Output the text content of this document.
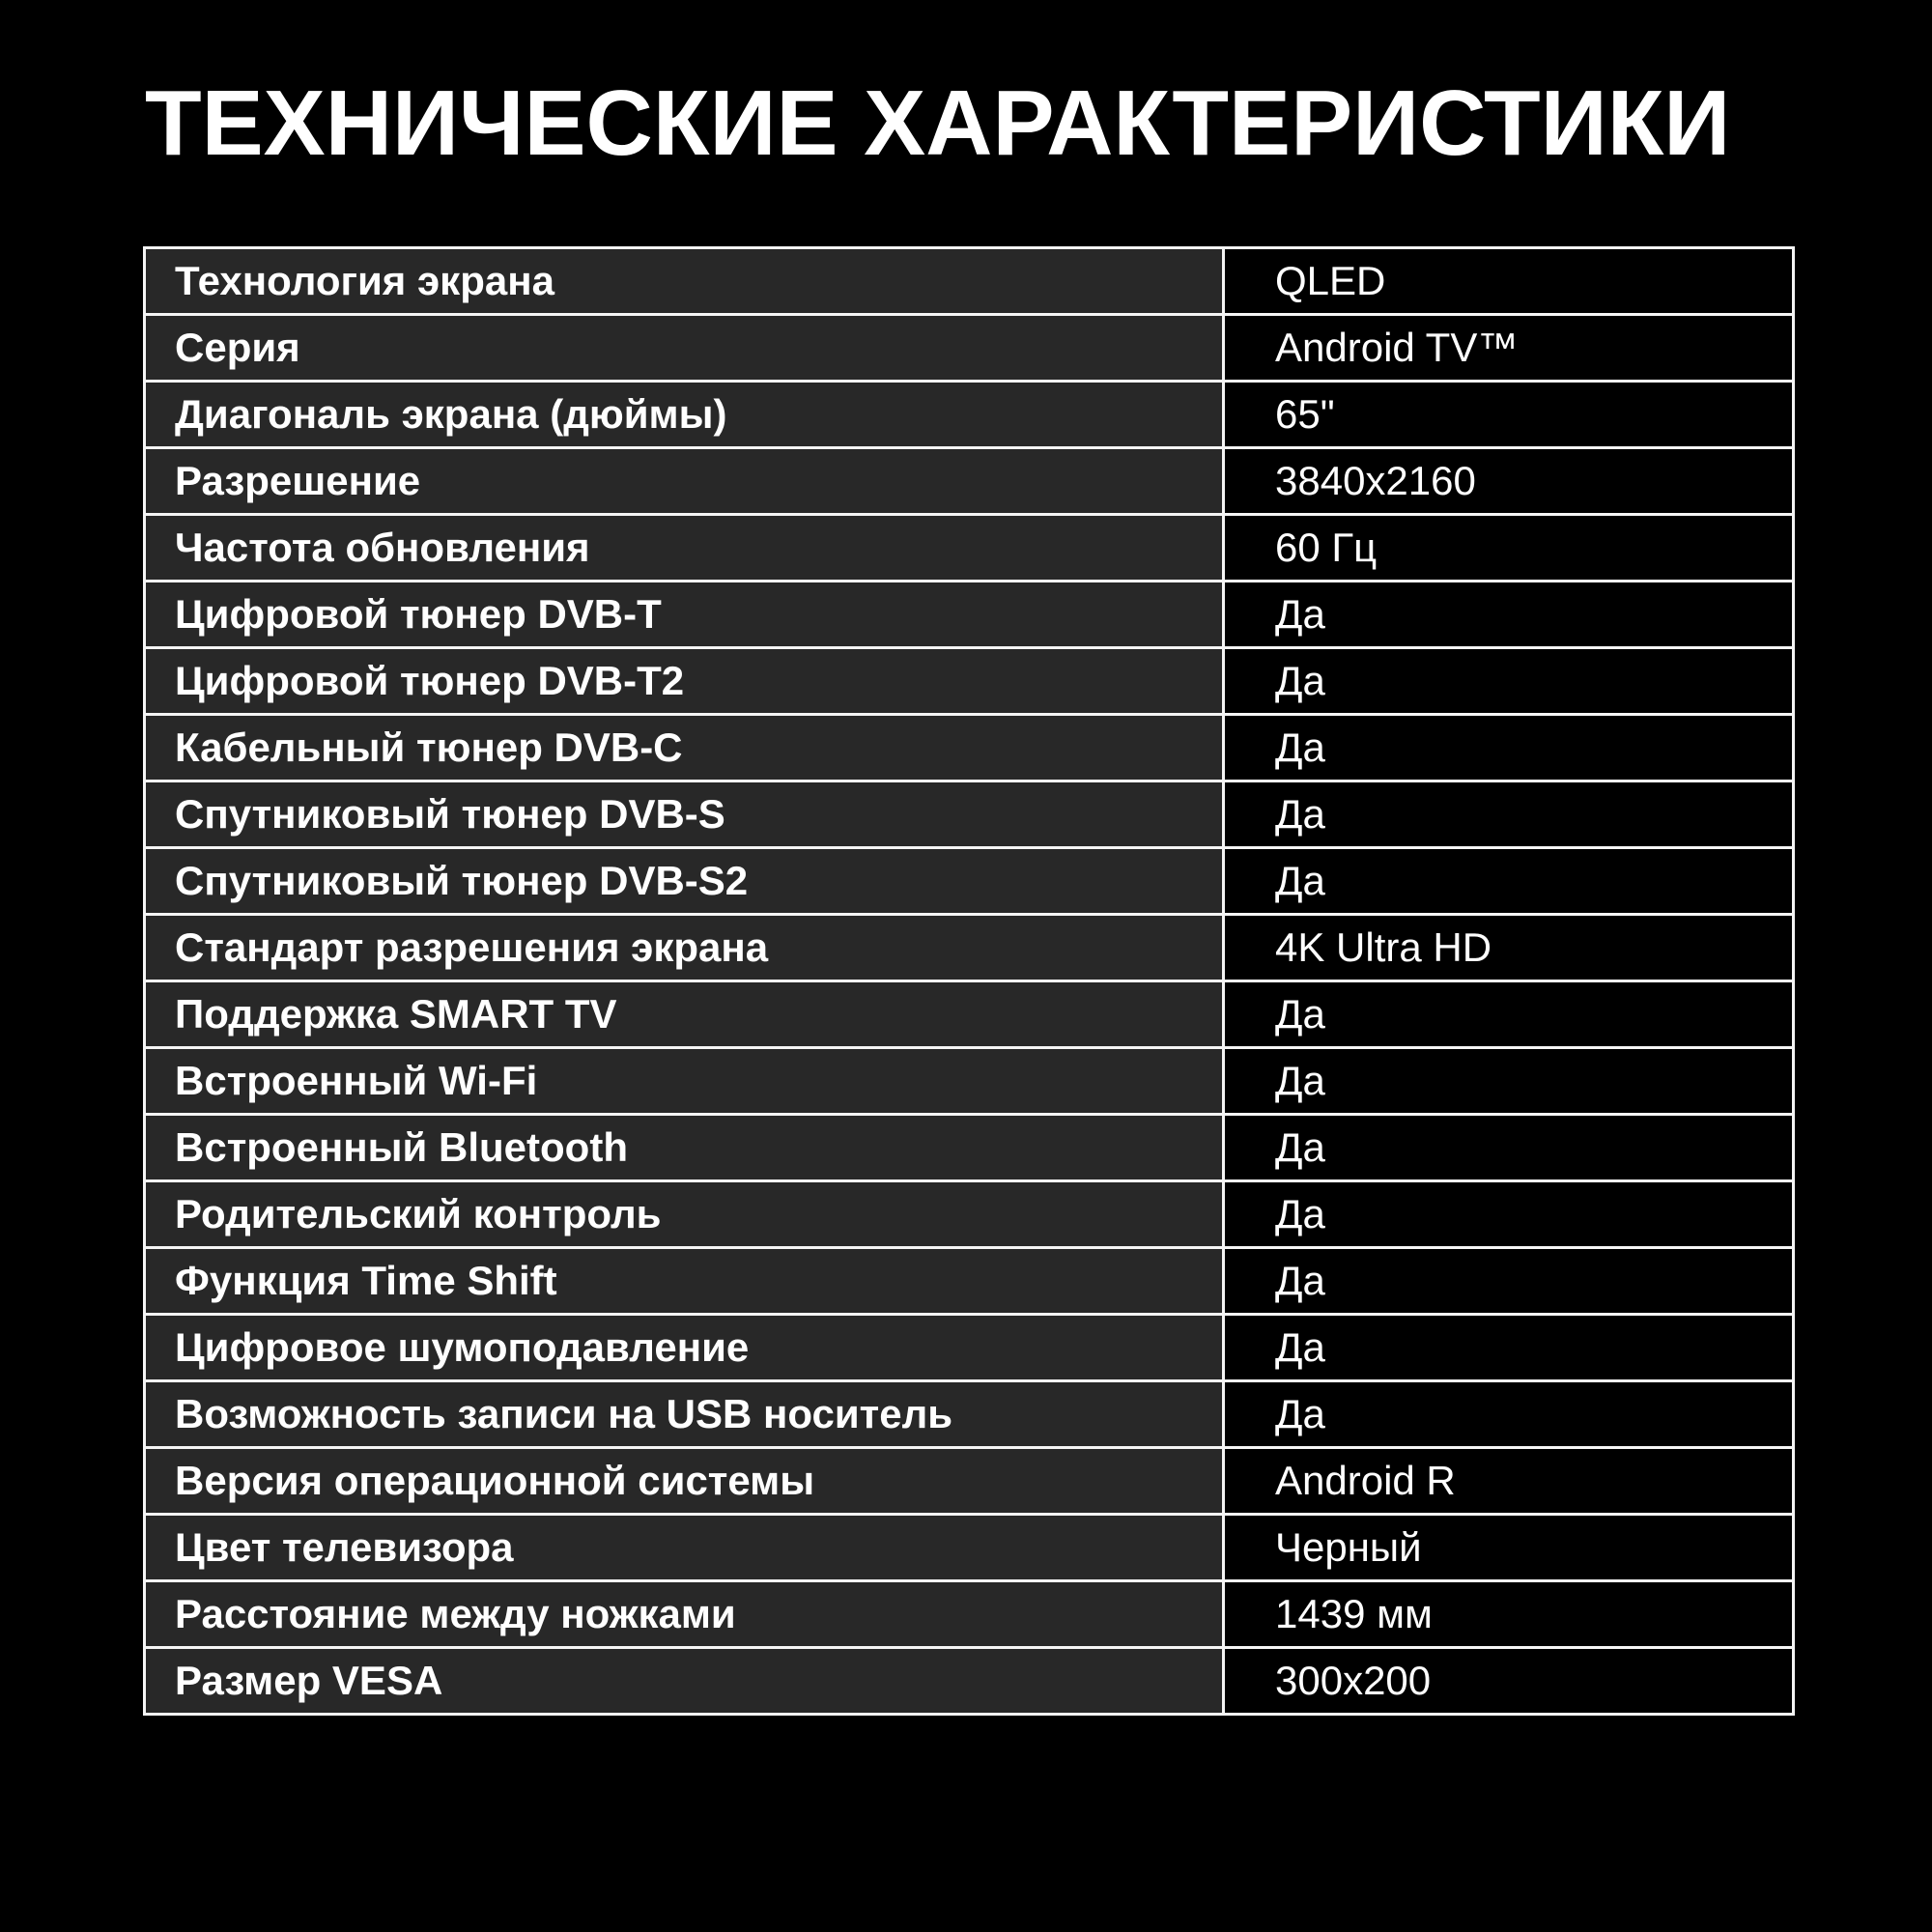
ТЕХНИЧЕСКИЕ ХАРАКТЕРИСТИКИ
Технология экрана	QLED
Серия	Android TV™
Диагональ экрана (дюймы)	65"
Разрешение	3840x2160
Частота обновления	60 Гц
Цифровой тюнер DVB-T	Да
Цифровой тюнер DVB-T2	Да
Кабельный тюнер DVB-C	Да
Спутниковый тюнер DVB-S	Да
Спутниковый тюнер DVB-S2	Да
Стандарт разрешения экрана	4K Ultra HD
Поддержка SMART TV	Да
Встроенный Wi-Fi	Да
Встроенный Bluetooth	Да
Родительский контроль	Да
Функция Time Shift	Да
Цифровое шумоподавление	Да
Возможность записи на USB носитель	Да
Версия операционной системы	Android R
Цвет телевизора	Черный
Расстояние между ножками	1439 мм
Размер VESA	300x200
